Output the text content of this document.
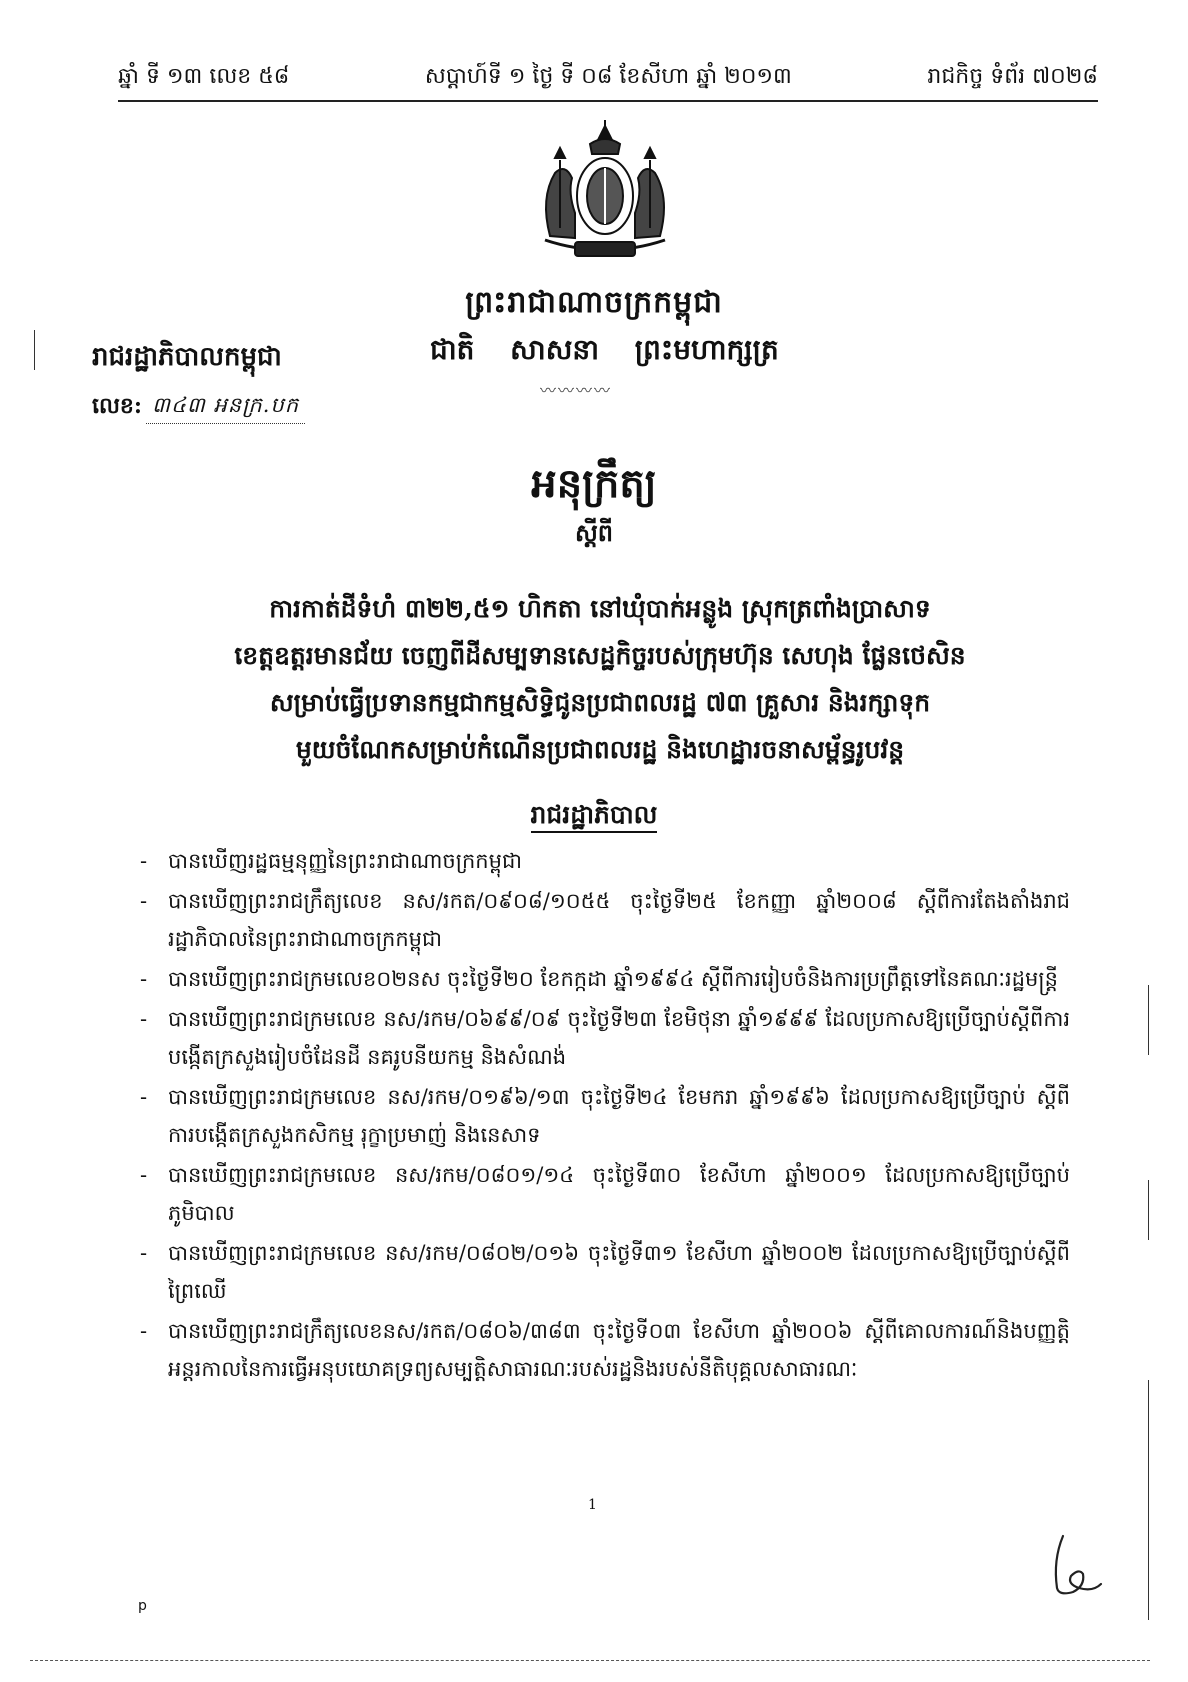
ឆ្នាំ ទី ១៣ លេខ ៥៨	សប្តាហ៍ទី ១ ថ្ងៃ ទី ០៨ ខែសីហា ឆ្នាំ ២០១៣	រាជកិច្ច ទំព័រ ៧០២៨
ព្រះរាជាណាចក្រកម្ពុជា
រាជរដ្ឋាភិបាលកម្ពុជា	ជាតិ សាសនា ព្រះមហាក្សត្រ
〰〰〰〰
លេខ: ៣៤៣ អនក្រ.បក
អនុក្រឹត្យ
ស្តីពី
ការកាត់ដីទំហំ ៣២២,៥១ ហិកតា នៅឃុំបាក់អន្លូង ស្រុកត្រពាំងប្រាសាទ
ខេត្តឧត្តរមានជ័យ ចេញពីដីសម្បទានសេដ្ឋកិច្ចរបស់ក្រុមហ៊ុន សេហុង ផ្លែនថេសិន
សម្រាប់ធ្វើប្រទានកម្មជាកម្មសិទ្ធិជូនប្រជាពលរដ្ឋ ៧៣ គ្រួសារ និងរក្សាទុក
មួយចំណែកសម្រាប់កំណើនប្រជាពលរដ្ឋ និងហេដ្ឋារចនាសម្ព័ន្ធរូបវន្ត
រាជរដ្ឋាភិបាល
- បានឃើញរដ្ឋធម្មនុញ្ញនៃព្រះរាជាណាចក្រកម្ពុជា
- បានឃើញព្រះរាជក្រឹត្យលេខ នស/រកត/០៩០៨/១០៥៥ ចុះថ្ងៃទី២៥ ខែកញ្ញា ឆ្នាំ២០០៨ ស្តីពីការតែងតាំងរាជរដ្ឋាភិបាលនៃព្រះរាជាណាចក្រកម្ពុជា
- បានឃើញព្រះរាជក្រមលេខ០២នស ចុះថ្ងៃទី២០ ខែកក្កដា ឆ្នាំ១៩៩៤ ស្តីពីការរៀបចំនិងការប្រព្រឹត្តទៅនៃគណៈរដ្ឋមន្ត្រី
- បានឃើញព្រះរាជក្រមលេខ នស/រកម/០៦៩៩/០៩ ចុះថ្ងៃទី២៣ ខែមិថុនា ឆ្នាំ១៩៩៩ ដែលប្រកាសឱ្យប្រើច្បាប់ស្តីពីការបង្កើតក្រសួងរៀបចំដែនដី នគរូបនីយកម្ម និងសំណង់
- បានឃើញព្រះរាជក្រមលេខ នស/រកម/០១៩៦/១៣ ចុះថ្ងៃទី២៤ ខែមករា ឆ្នាំ១៩៩៦ ដែលប្រកាសឱ្យប្រើច្បាប់ ស្តីពីការបង្កើតក្រសួងកសិកម្ម រុក្ខាប្រមាញ់ និងនេសាទ
- បានឃើញព្រះរាជក្រមលេខ នស/រកម/០៨០១/១៤ ចុះថ្ងៃទី៣០ ខែសីហា ឆ្នាំ២០០១ ដែលប្រកាសឱ្យប្រើច្បាប់ភូមិបាល
- បានឃើញព្រះរាជក្រមលេខ នស/រកម/០៨០២/០១៦ ចុះថ្ងៃទី៣១ ខែសីហា ឆ្នាំ២០០២ ដែលប្រកាសឱ្យប្រើច្បាប់ស្តីពីព្រៃឈើ
- បានឃើញព្រះរាជក្រឹត្យលេខនស/រកត/០៨០៦/៣៨៣ ចុះថ្ងៃទី០៣ ខែសីហា ឆ្នាំ២០០៦ ស្តីពីគោលការណ៍និងបញ្ញត្តិអន្តរកាលនៃការធ្វើអនុបយោគទ្រព្យសម្បត្តិសាធារណៈរបស់រដ្ឋនិងរបស់នីតិបុគ្គលសាធារណៈ
1
p
